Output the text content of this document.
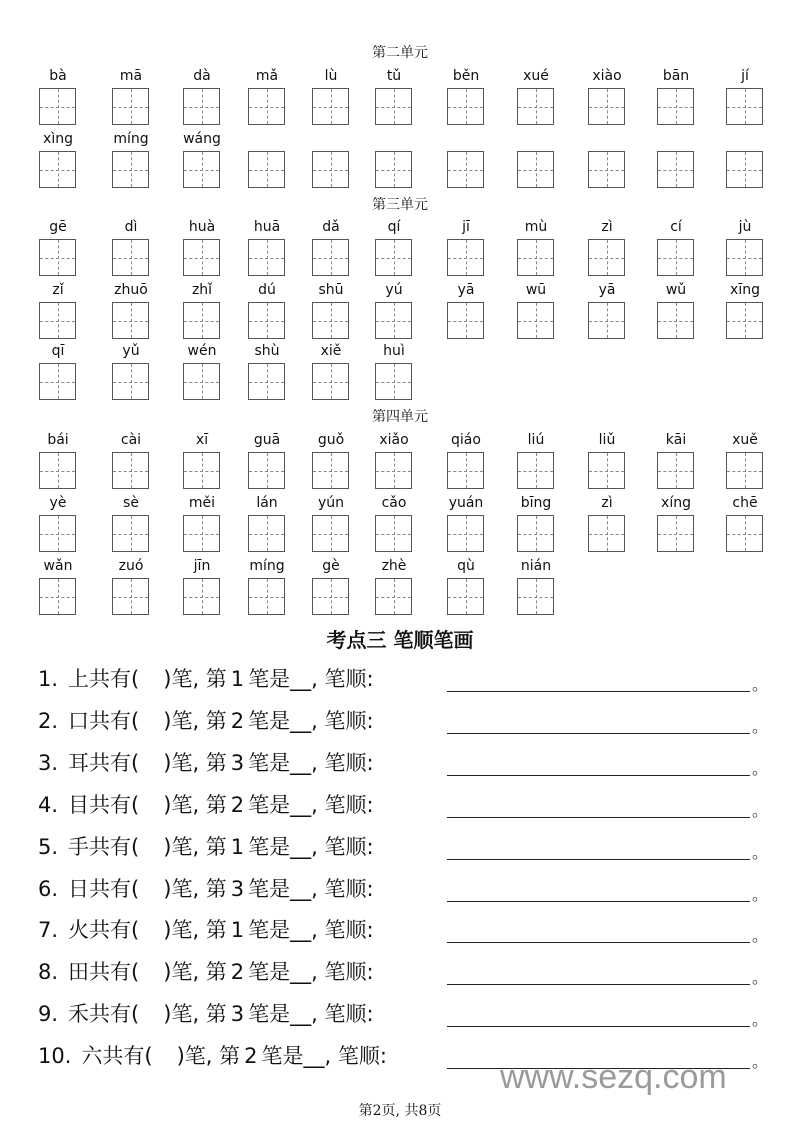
第二单元
bà	mā	dà	mǎ	lù	tǔ	běn	xué	xiào	bān	jí
xìng	míng	wáng
第三单元
gē	dì	huà	huā	dǎ	qí	jī	mù	zì	cí	jù
zǐ	zhuō	zhǐ	dú	shū	yú	yā	wū	yā	wǔ	xīng
qī	yǔ	wén	shù	xiě	huì
第四单元
bái	cài	xī	guā	guǒ	xiǎo	qiáo	liú	liǔ	kāi	xuě
yè	sè	měi	lán	yún	cǎo	yuán	bīng	zì	xíng	chē
wǎn	zuó	jīn	míng	gè	zhè	qù	nián
考点三 笔顺笔画
1. 上共有( )笔, 第 1 笔是__, 笔顺:	。
2. 口共有( )笔, 第 2 笔是__, 笔顺:	。
3. 耳共有( )笔, 第 3 笔是__, 笔顺:	。
4. 目共有( )笔, 第 2 笔是__, 笔顺:	。
5. 手共有( )笔, 第 1 笔是__, 笔顺:	。
6. 日共有( )笔, 第 3 笔是__, 笔顺:	。
7. 火共有( )笔, 第 1 笔是__, 笔顺:	。
8. 田共有( )笔, 第 2 笔是__, 笔顺:	。
9. 禾共有( )笔, 第 3 笔是__, 笔顺:	。
10. 六共有( )笔, 第 2 笔是__, 笔顺:	。
www.sezq.com
第2页, 共8页
